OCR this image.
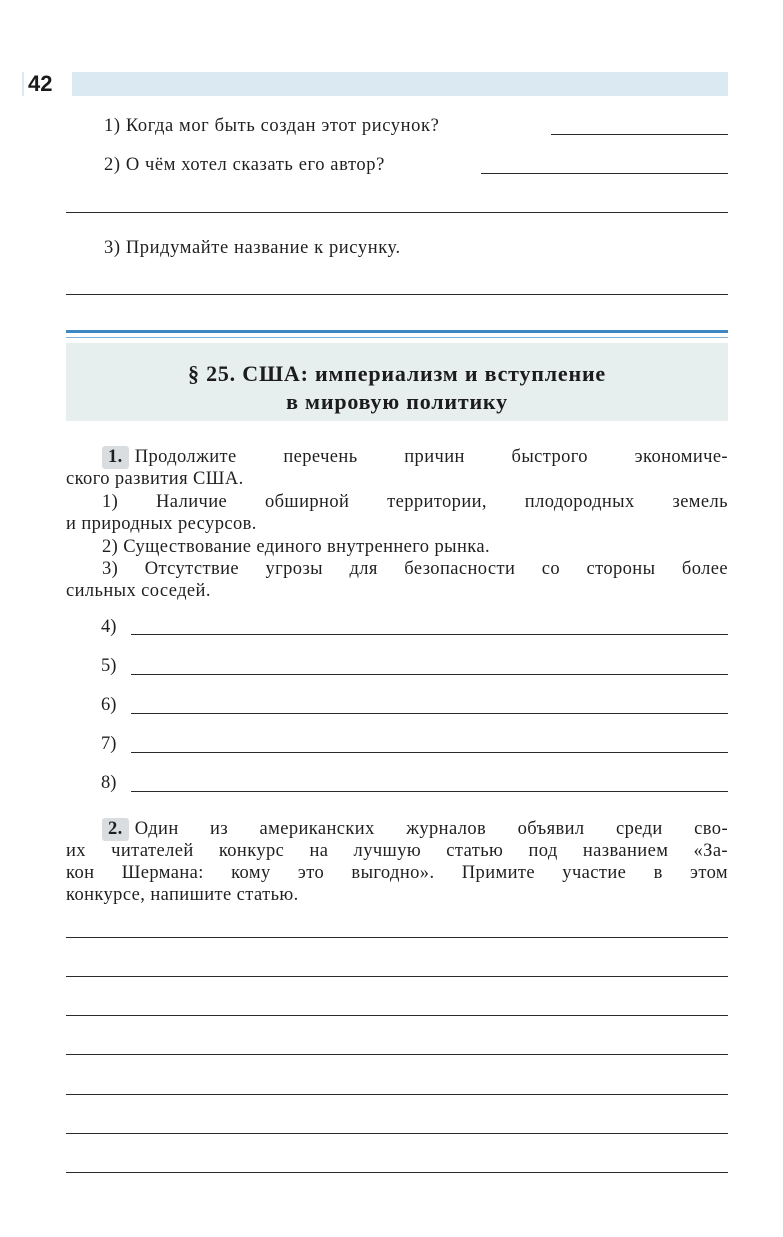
42
1) Когда мог быть создан этот рисунок?
2) О чём хотел сказать его автор?
3) Придумайте название к рисунку.
§ 25. США: империализм и вступление
в мировую политику
1. Продолжите перечень причин быстрого экономиче-
ского развития США.
1) Наличие обширной территории, плодородных земель
и природных ресурсов.
2) Существование единого внутреннего рынка.
3) Отсутствие угрозы для безопасности со стороны более
сильных соседей.
4)
5)
6)
7)
8)
2. Один из американских журналов объявил среди сво-
их читателей конкурс на лучшую статью под названием «За-
кон Шермана: кому это выгодно». Примите участие в этом
конкурсе, напишите статью.
